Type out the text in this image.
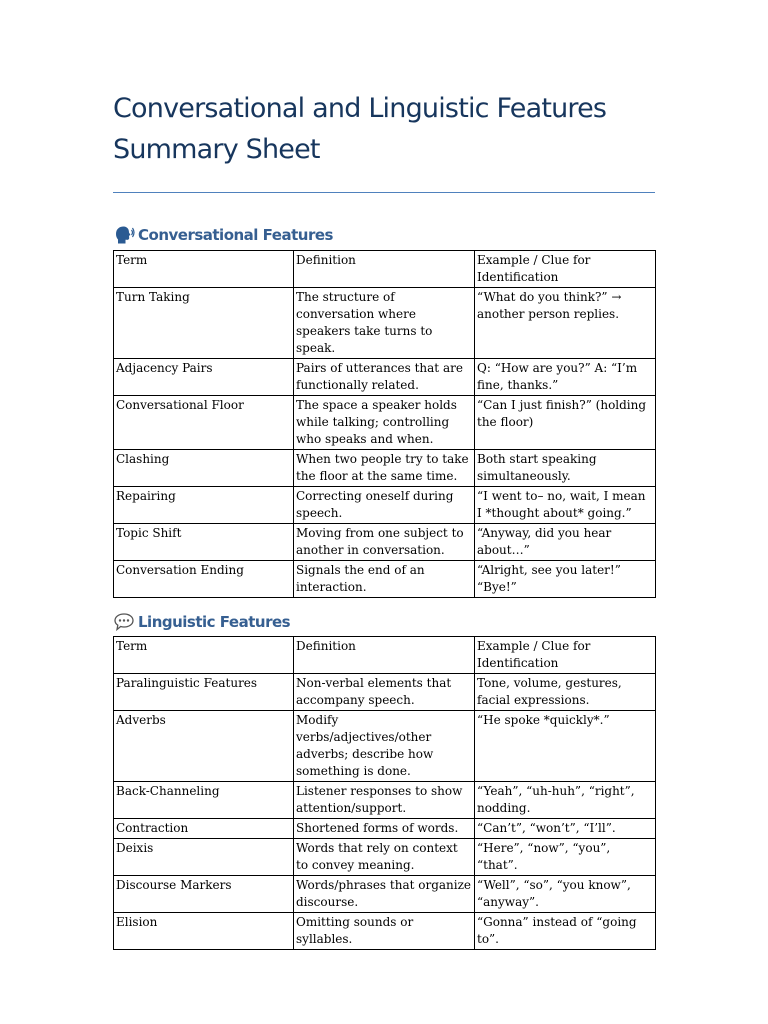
Conversational and Linguistic Features Summary Sheet
Conversational Features
Term	Definition	Example / Clue for Identification
Turn Taking	The structure of conversation where speakers take turns to speak.	“What do you think?” → another person replies.
Adjacency Pairs	Pairs of utterances that are functionally related.	Q: “How are you?” A: “I’m fine, thanks.”
Conversational Floor	The space a speaker holds while talking; controlling who speaks and when.	“Can I just finish?” (holding the floor)
Clashing	When two people try to take the floor at the same time.	Both start speaking simultaneously.
Repairing	Correcting oneself during speech.	“I went to– no, wait, I mean I *thought about* going.”
Topic Shift	Moving from one subject to another in conversation.	“Anyway, did you hear about…”
Conversation Ending	Signals the end of an interaction.	“Alright, see you later!” “Bye!”
Linguistic Features
Term	Definition	Example / Clue for Identification
Paralinguistic Features	Non-verbal elements that accompany speech.	Tone, volume, gestures, facial expressions.
Adverbs	Modify verbs/adjectives/other adverbs; describe how something is done.	“He spoke *quickly*.”
Back-Channeling	Listener responses to show attention/support.	“Yeah”, “uh-huh”, “right”, nodding.
Contraction	Shortened forms of words.	“Can’t”, “won’t”, “I’ll”.
Deixis	Words that rely on context to convey meaning.	“Here”, “now”, “you”, “that”.
Discourse Markers	Words/phrases that organize discourse.	“Well”, “so”, “you know”, “anyway”.
Elision	Omitting sounds or syllables.	“Gonna” instead of “going to”.
